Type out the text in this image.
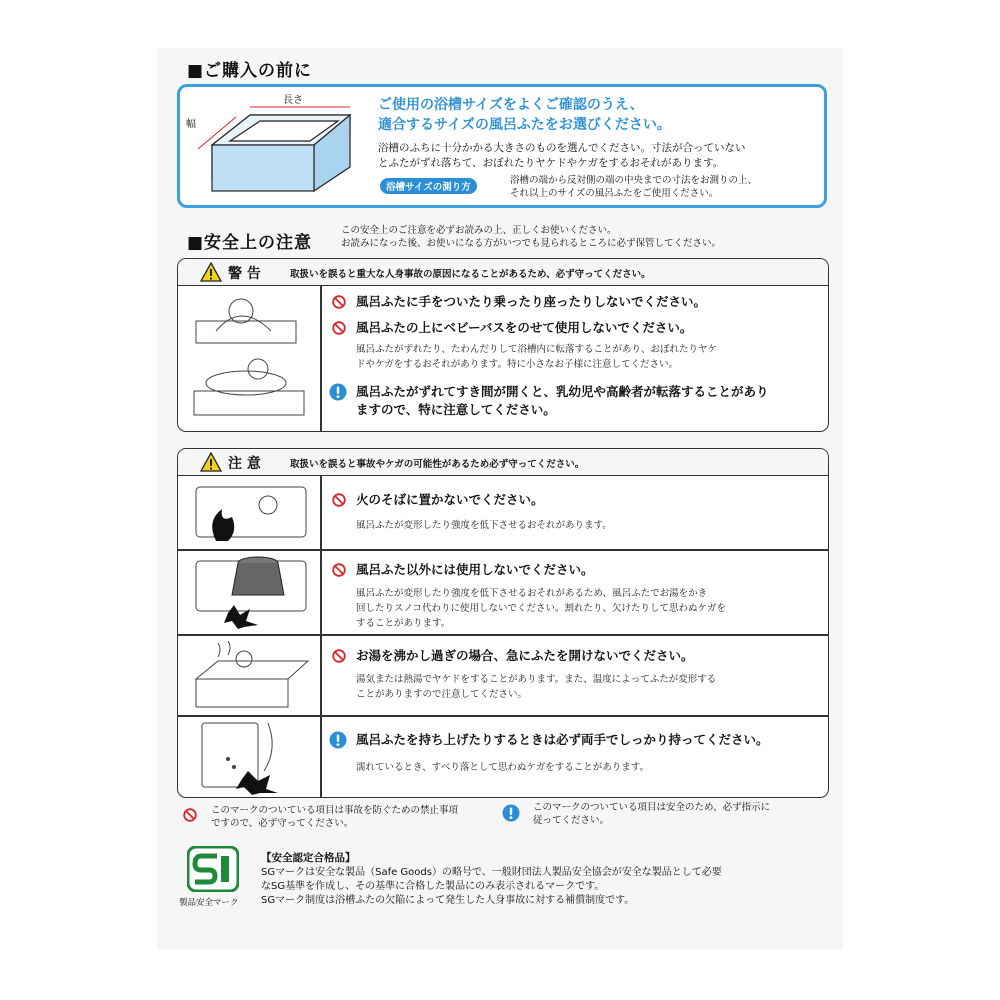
■ご購入の前に
長さ
幅
ご使用の浴槽サイズをよくご確認のうえ、
適合するサイズの風呂ふたをお選びください。
浴槽のふちに十分かかる大きさのものを選んでください。寸法が合っていない
とふたがずれ落ちて、おぼれたりヤケドやケガをするおそれがあります。
浴槽サイズの測り方
浴槽の端から反対側の端の中央までの寸法をお測りの上、
それ以上のサイズの風呂ふたをご使用ください。
■安全上の注意
この安全上のご注意を必ずお読みの上、正しくお使いください。
お読みになった後、お使いになる方がいつでも見られるところに必ず保管してください。
警 告	取扱いを誤ると重大な人身事故の原因になることがあるため、必ず守ってください。
風呂ふたに手をついたり乗ったり座ったりしないでください。
風呂ふたの上にベビーバスをのせて使用しないでください。
風呂ふたがずれたり、たわんだりして浴槽内に転落することがあり、おぼれたりヤケ
ドやケガをするおそれがあります。特に小さなお子様に注意してください。
風呂ふたがずれてすき間が開くと、乳幼児や高齢者が転落することがあり
ますので、特に注意してください。
注 意	取扱いを誤ると事故やケガの可能性があるため必ず守ってください。
火のそばに置かないでください。
風呂ふたが変形したり強度を低下させるおそれがあります。
風呂ふた以外には使用しないでください。
風呂ふたが変形したり強度を低下させるおそれがあるため、風呂ふたでお湯をかき
回したりスノコ代わりに使用しないでください。割れたり、欠けたりして思わぬケガを
することがあります。
お湯を沸かし過ぎの場合、急にふたを開けないでください。
湯気または熱湯でヤケドをすることがあります。また、温度によってふたが変形する
ことがありますので注意してください。
風呂ふたを持ち上げたりするときは必ず両手でしっかり持ってください。
濡れているとき、すべり落として思わぬケガをすることがあります。
このマークのついている項目は事故を防ぐための禁止事項
ですので、必ず守ってください。
このマークのついている項目は安全のため、必ず指示に
従ってください。
製品安全マーク
【安全認定合格品】
SGマークは安全な製品（Safe Goods）の略号で、一般財団法人製品安全協会が安全な製品として必要
なSG基準を作成し、その基準に合格した製品にのみ表示されるマークです。
SGマーク制度は浴槽ふたの欠陥によって発生した人身事故に対する補償制度です。
